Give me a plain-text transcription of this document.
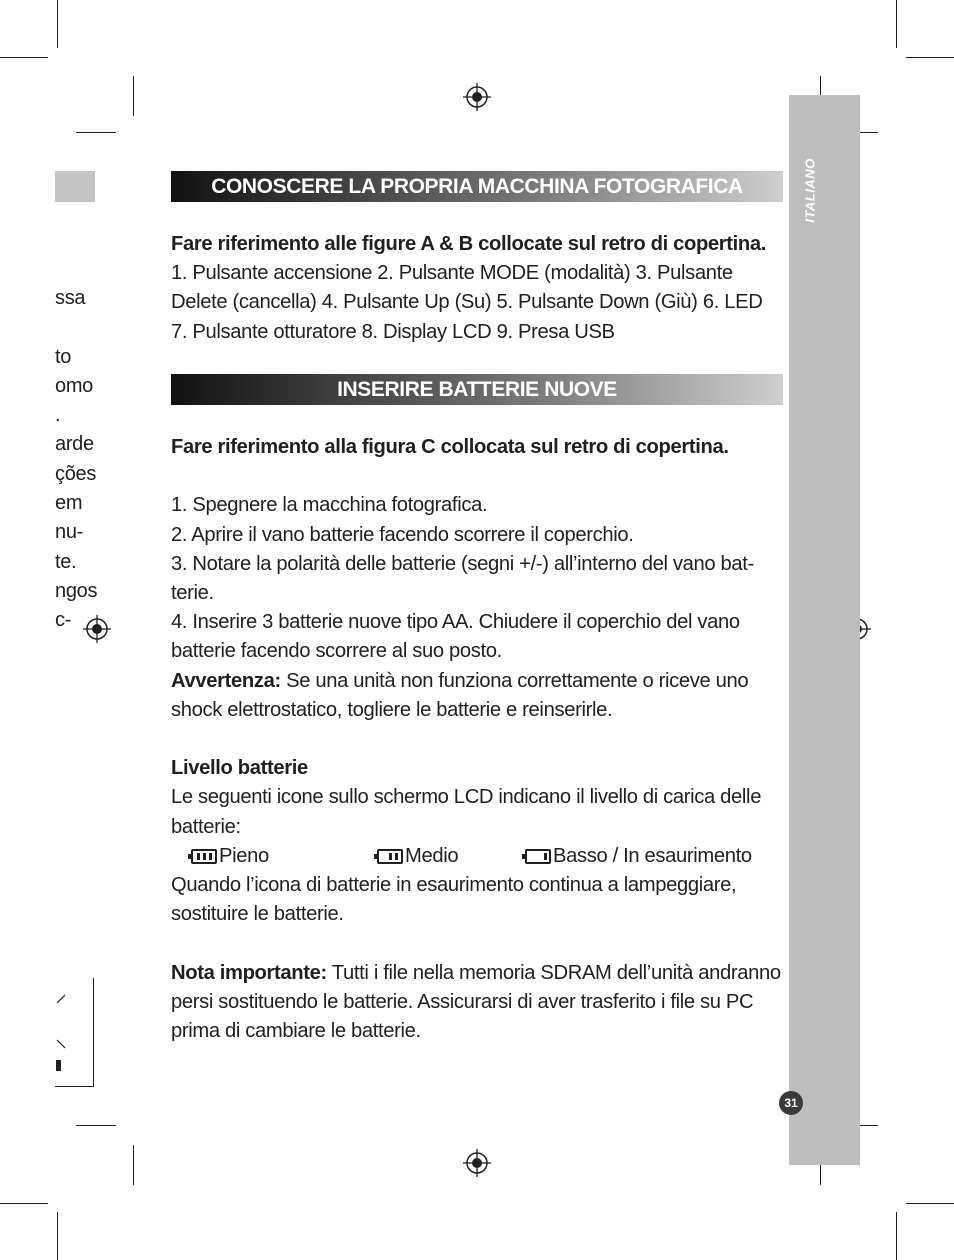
ITALIANO
31
ssa
to
omo
.
arde
ções
em
nu-
te.
ngos
c-
CONOSCERE LA PROPRIA MACCHINA FOTOGRAFICA
INSERIRE BATTERIE NUOVE

Fare riferimento alle figure A & B collocate sul retro di copertina.

1. Pulsante accensione 2. Pulsante MODE (modalità) 3. Pulsante

Delete (cancella) 4. Pulsante Up (Su) 5. Pulsante Down (Giù) 6. LED

7. Pulsante otturatore 8. Display LCD 9. Presa USB

Fare riferimento alla figura C collocata sul retro di copertina.

1. Spegnere la macchina fotografica.

2. Aprire il vano batterie facendo scorrere il coperchio.

3. Notare la polarità delle batterie (segni +/-) all’interno del vano bat-

terie.

4. Inserire 3 batterie nuove tipo AA. Chiudere il coperchio del vano

batterie facendo scorrere al suo posto.

Avvertenza: Se una unità non funziona correttamente o riceve uno

shock elettrostatico, togliere le batterie e reinserirle.

Livello batterie

Le seguenti icone sullo schermo LCD indicano il livello di carica delle

batterie:

Pieno	Medio	Basso / In esaurimento

Quando l’icona di batterie in esaurimento continua a lampeggiare,

sostituire le batterie.

Nota importante: Tutti i file nella memoria SDRAM dell’unità andranno

persi sostituendo le batterie. Assicurarsi di aver trasferito i file su PC

prima di cambiare le batterie.
